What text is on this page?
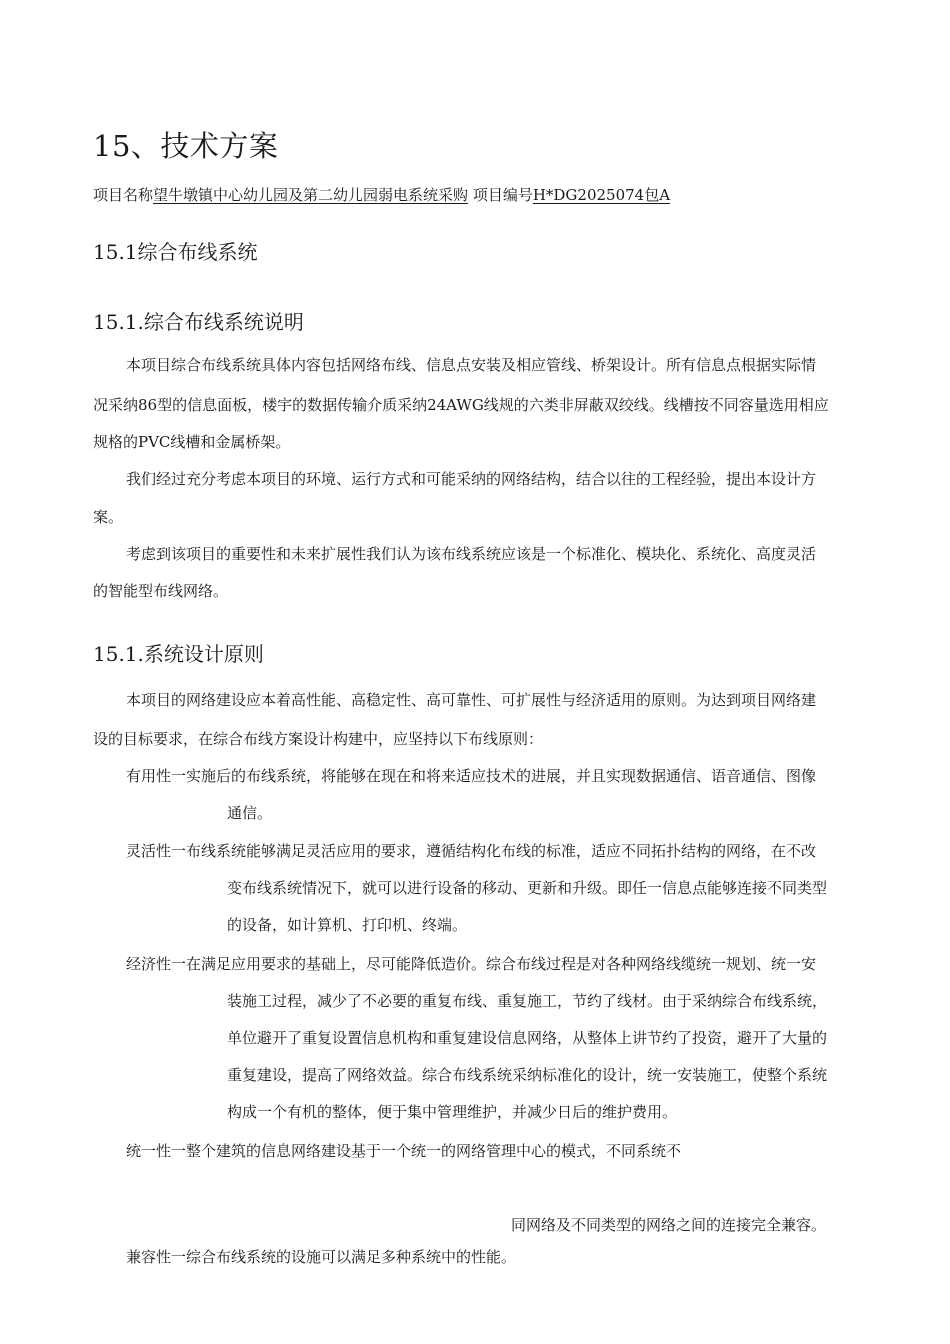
15、技术方案
项目名称望牛墩镇中心幼儿园及第二幼儿园弱电系统采购 项目编号H*DG2025074包A
15.1综合布线系统
15.1.综合布线系统说明
本项目综合布线系统具体内容包括网络布线、信息点安装及相应管线、桥架设计。所有信息点根据实际情
况采纳86型的信息面板，楼宇的数据传输介质采纳24AWG线规的六类非屏蔽双绞线。线槽按不同容量选用相应
规格的PVC线槽和金属桥架。
我们经过充分考虑本项目的环境、运行方式和可能采纳的网络结构，结合以往的工程经验，提出本设计方
案。
考虑到该项目的重要性和未来扩展性我们认为该布线系统应该是一个标准化、模块化、系统化、高度灵活
的智能型布线网络。
15.1.系统设计原则
本项目的网络建设应本着高性能、高稳定性、高可靠性、可扩展性与经济适用的原则。为达到项目网络建
设的目标要求，在综合布线方案设计构建中，应坚持以下布线原则：
有用性一实施后的布线系统，将能够在现在和将来适应技术的进展，并且实现数据通信、语音通信、图像
通信。
灵活性一布线系统能够满足灵活应用的要求，遵循结构化布线的标准，适应不同拓扑结构的网络，在不改
变布线系统情况下，就可以进行设备的移动、更新和升级。即任一信息点能够连接不同类型
的设备，如计算机、打印机、终端。
经济性一在满足应用要求的基础上，尽可能降低造价。综合布线过程是对各种网络线缆统一规划、统一安
装施工过程，减少了不必要的重复布线、重复施工，节约了线材。由于采纳综合布线系统，
单位避开了重复设置信息机构和重复建设信息网络，从整体上讲节约了投资，避开了大量的
重复建设，提高了网络效益。综合布线系统采纳标准化的设计，统一安装施工，使整个系统
构成一个有机的整体，便于集中管理维护，并减少日后的维护费用。
统一性一整个建筑的信息网络建设基于一个统一的网络管理中心的模式，不同系统不
同网络及不同类型的网络之间的连接完全兼容。
兼容性一综合布线系统的设施可以满足多种系统中的性能。
